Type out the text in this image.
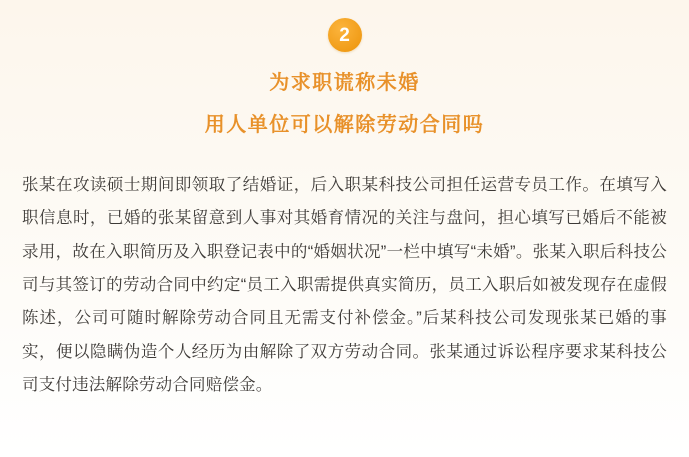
2
为求职谎称未婚
用人单位可以解除劳动合同吗
张某在攻读硕士期间即领取了结婚证，后入职某科技公司担任运营专员工作。在填写入职信息时，已婚的张某留意到人事对其婚育情况的关注与盘问，担心填写已婚后不能被录用，故在入职简历及入职登记表中的“婚姻状况”一栏中填写“未婚”。张某入职后科技公司与其签订的劳动合同中约定“员工入职需提供真实简历，员工入职后如被发现存在虚假陈述，公司可随时解除劳动合同且无需支付补偿金。”后某科技公司发现张某已婚的事实，便以隐瞒伪造个人经历为由解除了双方劳动合同。张某通过诉讼程序要求某科技公司支付违法解除劳动合同赔偿金。
